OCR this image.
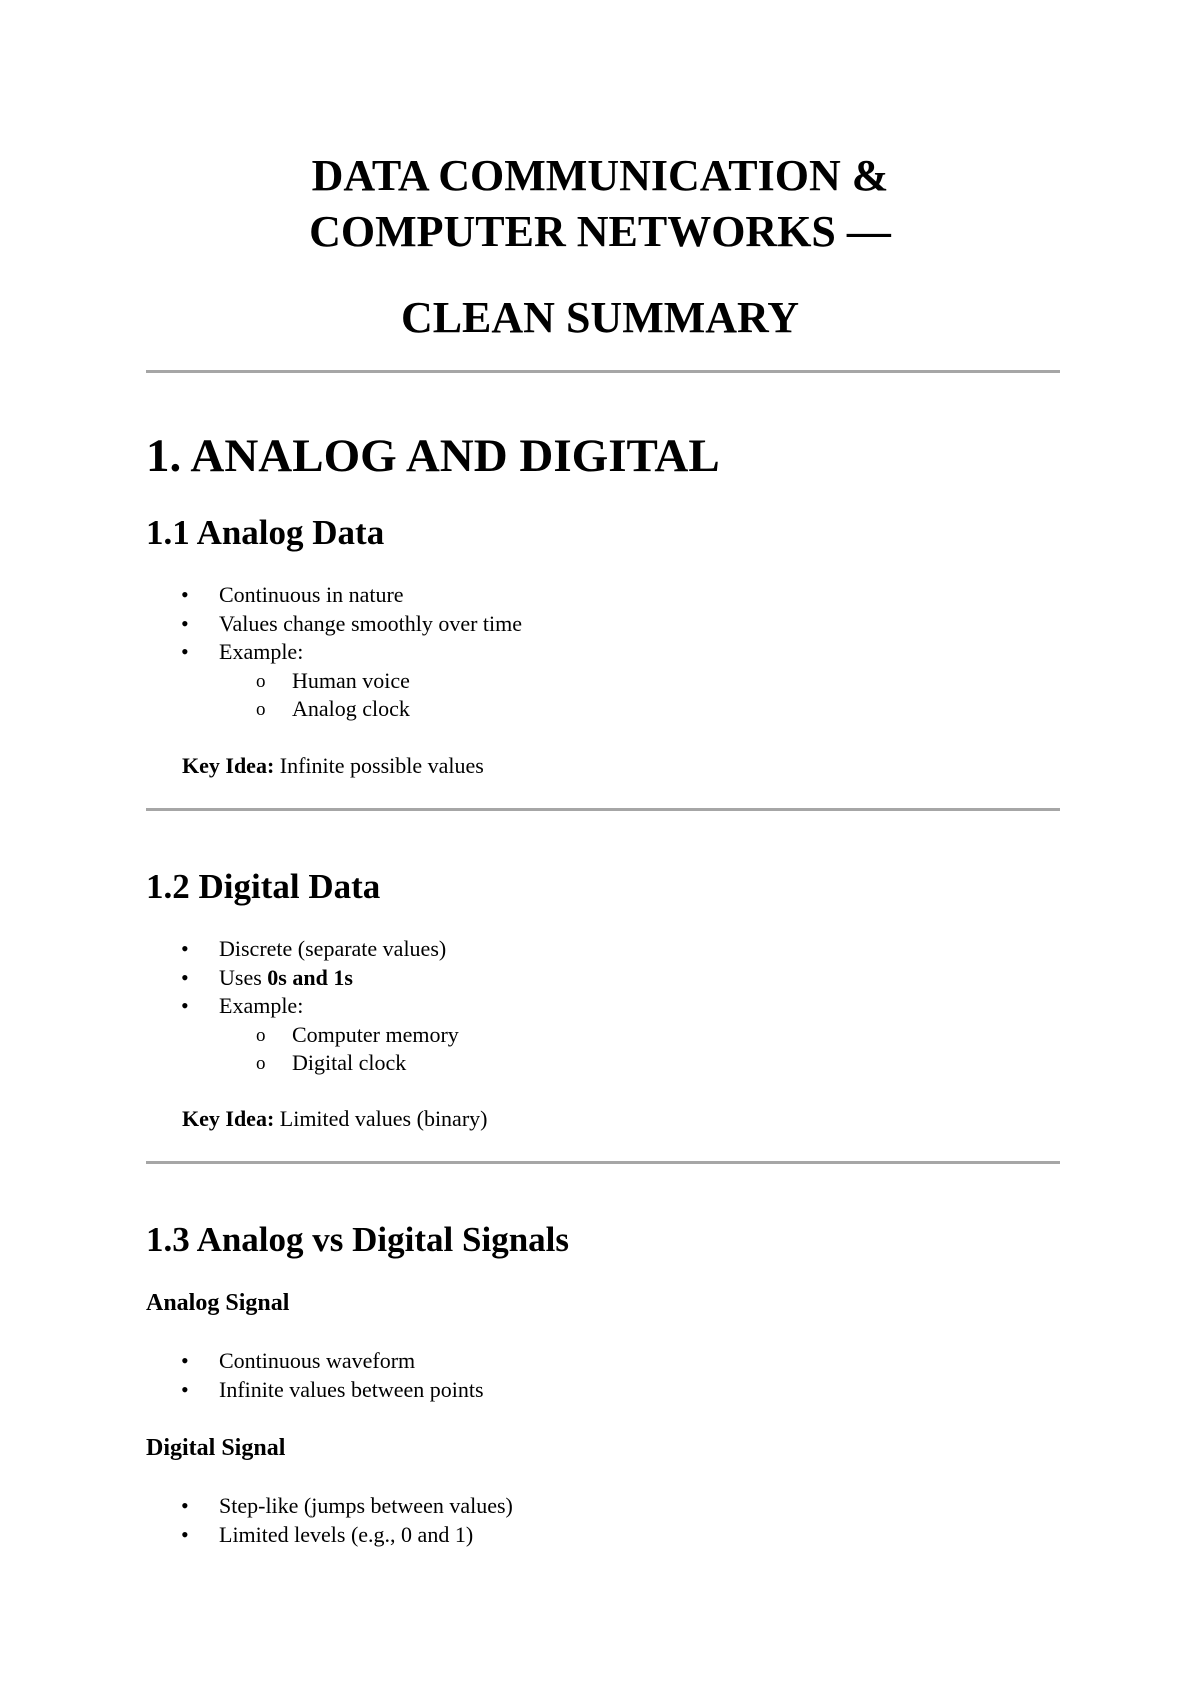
DATA COMMUNICATION &
COMPUTER NETWORKS —
CLEAN SUMMARY
1. ANALOG AND DIGITAL
1.1 Analog Data
• Continuous in nature
• Values change smoothly over time
• Example:
o Human voice
o Analog clock

Key Idea: Infinite possible values

1.2 Digital Data
• Discrete (separate values)
• Uses 0s and 1s
• Example:
o Computer memory
o Digital clock

Key Idea: Limited values (binary)

1.3 Analog vs Digital Signals
Analog Signal
• Continuous waveform
• Infinite values between points
Digital Signal
• Step-like (jumps between values)
• Limited levels (e.g., 0 and 1)
